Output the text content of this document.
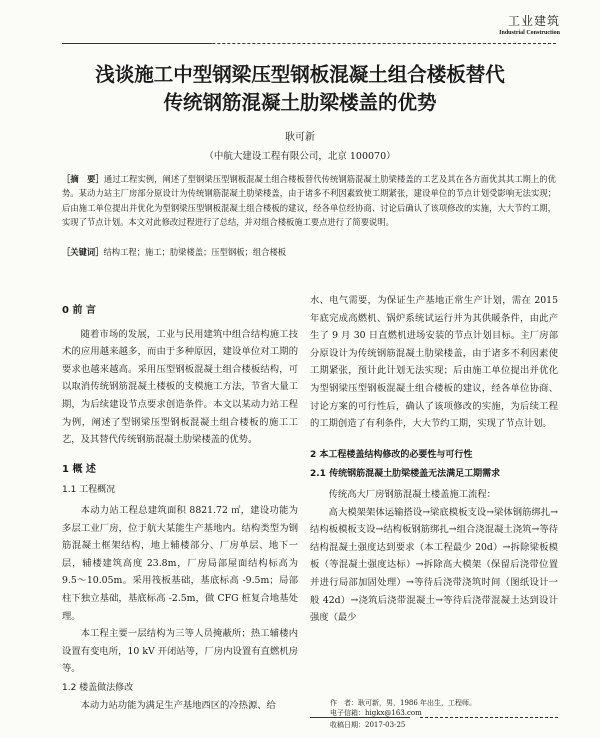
工业建筑
Industrial Construction
浅谈施工中型钢梁压型钢板混凝土组合楼板替代
传统钢筋混凝土肋梁楼盖的优势
耿可新
（中航大建设工程有限公司，北京 100070）
［摘　要］通过工程实例，阐述了型钢梁压型钢板混凝土组合楼板替代传统钢筋混凝土肋梁楼盖的工艺及其在各方面优其其工期上的优势。某动力站主厂房部分原设计为传统钢筋混凝土肋梁楼盖，由于诸多不利因素致使工期紧张，建设单位的节点计划受影响无法实现；后由施工单位提出并优化为型钢梁压型钢板混凝土组合楼板的建议，经各单位经协商、讨论后确认了该项修改的实施，大大节约工期，实现了节点计划。本文对此修改过程进行了总结，并对组合楼板施工要点进行了简要说明。
［关键词］结构工程；施工；肋梁楼盖；压型钢板；组合楼板
0 前 言

随着市场的发展，工业与民用建筑中组合结构施工技术的应用越来越多，而由于多种原因，建设单位对工期的要求也越来越高。采用压型钢板混凝土组合楼板结构，可以取消传统钢筋混凝土楼板的支模施工方法，节省大量工期，为后续建设节点要求创造条件。本文以某动力站工程为例，阐述了型钢梁压型钢板混凝土组合楼板的施工工艺，及其替代传统钢筋混凝土肋梁楼盖的优势。

1 概 述
1.1 工程概况

本动力站工程总建筑面积 8821.72 ㎡，建设功能为多层工业厂房，位于航大某能生产基地内。结构类型为钢筋混凝土框架结构，地上辅楼部分、厂房单层、地下一层，辅楼建筑高度 23.8m，厂房局部屋面结构标高为 9.5～10.05m。采用筏板基础，基底标高 -9.5m；局部柱下独立基础，基底标高 -2.5m，做 CFG 桩复合地基处理。

本工程主要一层结构为三等人员掩蔽所；热工辅楼内设置有变电所，10 kV 开闭站等，厂房内设置有直燃机房等。

1.2 楼盖做法修改

本动力站功能为满足生产基地西区的冷热源、给

水、电气需要，为保证生产基地正常生产计划，需在 2015 年底完成高燃机、锅炉系统试运行并为其供暖条件，由此产生了 9 月 30 日直燃机进场安装的节点计划目标。主厂房部分原设计为传统钢筋混凝土肋梁楼盖，由于诸多不利因素使工期紧张，预计此计划无法实现；后由施工单位提出并优化为型钢梁压型钢板混凝土组合楼板的建议，经各单位协商、讨论方案的可行性后，确认了该项修改的实施，为后续工程的工期创造了有利条件，大大节约工期，实现了节点计划。

2 本工程楼盖结构修改的必要性与可行性
2.1 传统钢筋混凝土肋梁楼盖无法满足工期需求

传统高大厂房钢筋混凝土楼盖施工流程：

高大模架架体运输搭设→梁底模板支设→梁体钢筋绑扎→结构板模板支设→结构板钢筋绑扎→组合浇混凝土浇筑→等待结构混凝土强度达到要求（本工程最少 20d）→拆除梁板模板（等混凝土强度达标）→拆除高大模架（保留后浇带位置并进行局部加固处理）→等待后浇带浇筑时间（图纸设计一般 42d）→浇筑后浇带混凝土→等待后浇带混凝土达到设计强度（最少

作　者：耿可新，男，1986 年出生，工程师。
电子信箱：higkx@163.com
收稿日期：2017-03-25
